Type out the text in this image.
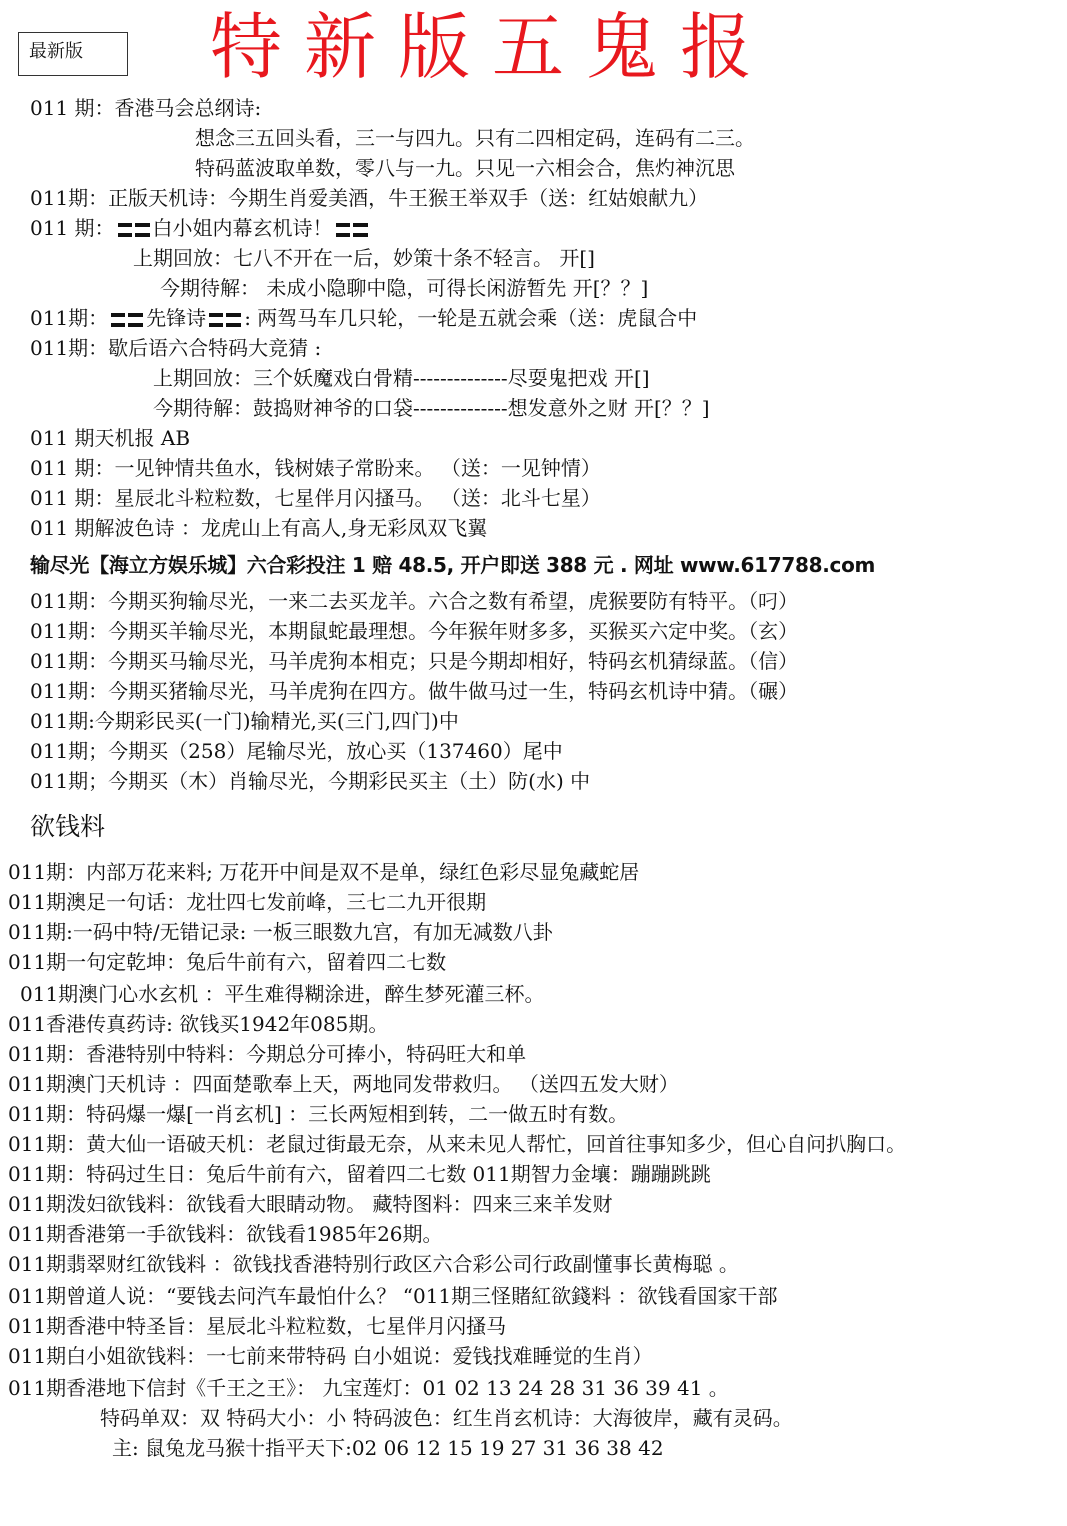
最新版	特新版五鬼报
011 期：香港马会总纲诗:
想念三五回头看，三一与四九。只有二四相定码，连码有二三。
特码蓝波取单数，零八与一九。只见一六相会合，焦灼神沉思
011期：正版天机诗：今期生肖爱美酒，牛王猴王举双手（送：红姑娘献九）
011 期： 白小姐内幕玄机诗！
上期回放：七八不开在一后，妙策十条不轻言。 开[]
今期待解： 未成小隐聊中隐，可得长闲游暂先 开[？？]
011期： 先锋诗 : 两驾马车几只轮，一轮是五就会乘（送：虎鼠合中
011期：歇后语六合特码大竞猜 :
上期回放：三个妖魔戏白骨精--------------尽耍鬼把戏 开[]
今期待解：鼓捣财神爷的口袋--------------想发意外之财 开[？？]
011 期天机报 AB
011 期：一见钟情共鱼水，钱树婊子常盼来。 （送：一见钟情）
011 期：星辰北斗粒粒数，七星伴月闪搔马。 （送：北斗七星）
011 期解波色诗 ：龙虎山上有高人,身无彩凤双飞翼
输尽光【海立方娱乐城】六合彩投注 1 赔 48.5, 开户即送 388 元 . 网址 www.617788.com
011期：今期买狗输尽光，一来二去买龙羊。六合之数有希望，虎猴要防有特平。（叼）
011期：今期买羊输尽光，本期鼠蛇最理想。今年猴年财多多，买猴买六定中奖。（玄）
011期：今期买马输尽光，马羊虎狗本相克；只是今期却相好，特码玄机猜绿蓝。（信）
011期：今期买猪输尽光，马羊虎狗在四方。做牛做马过一生，特码玄机诗中猜。（碾）
011期:今期彩民买(一门)输精光,买(三门,四门)中
011期；今期买（258）尾输尽光，放心买（137460）尾中
011期；今期买（木）肖输尽光，今期彩民买主（土）防(水) 中
欲钱料
011期：内部万花来料; 万花开中间是双不是单，绿红色彩尽显兔藏蛇居
011期澳足一句话：龙壮四七发前峰，三七二九开很期
011期:一码中特/无错记录: 一板三眼数九宫，有加无减数八卦
011期一句定乾坤：兔后牛前有六，留着四二七数
011期澳门心水玄机 ：平生难得糊涂进，醉生梦死灌三杯。
011香港传真药诗: 欲钱买1942年085期。
011期：香港特别中特料：今期总分可捧小，特码旺大和单
011期澳门天机诗 ：四面楚歌奉上天，两地同发带救归。 （送四五发大财）
011期：特码爆一爆[一肖玄机] ：三长两短相到转，二一做五时有数。
011期：黄大仙一语破天机：老鼠过街最无奈，从来未见人帮忙，回首往事知多少，但心自问扒胸口。
011期：特码过生日：兔后牛前有六，留着四二七数 011期智力金壤：蹦蹦跳跳
011期泼妇欲钱料：欲钱看大眼睛动物。 藏特图料：四来三来羊发财
011期香港第一手欲钱料：欲钱看1985年26期。
011期翡翠财红欲钱料 ：欲钱找香港特别行政区六合彩公司行政副懂事长黄梅聪 。
011期曾道人说：“要钱去问汽车最怕什么？ “011期三怪賭紅欲錢料 ：欲钱看国家干部
011期香港中特圣旨：星辰北斗粒粒数，七星伴月闪搔马
011期白小姐欲钱料：一七前来带特码 白小姐说：爱钱找难睡觉的生肖）
011期香港地下信封《千王之王》： 九宝莲灯：01 02 13 24 28 31 36 39 41 。
特码单双：双 特码大小：小 特码波色：红生肖玄机诗：大海彼岸，藏有灵码。
主: 鼠兔龙马猴十指平天下:02 06 12 15 19 27 31 36 38 42
